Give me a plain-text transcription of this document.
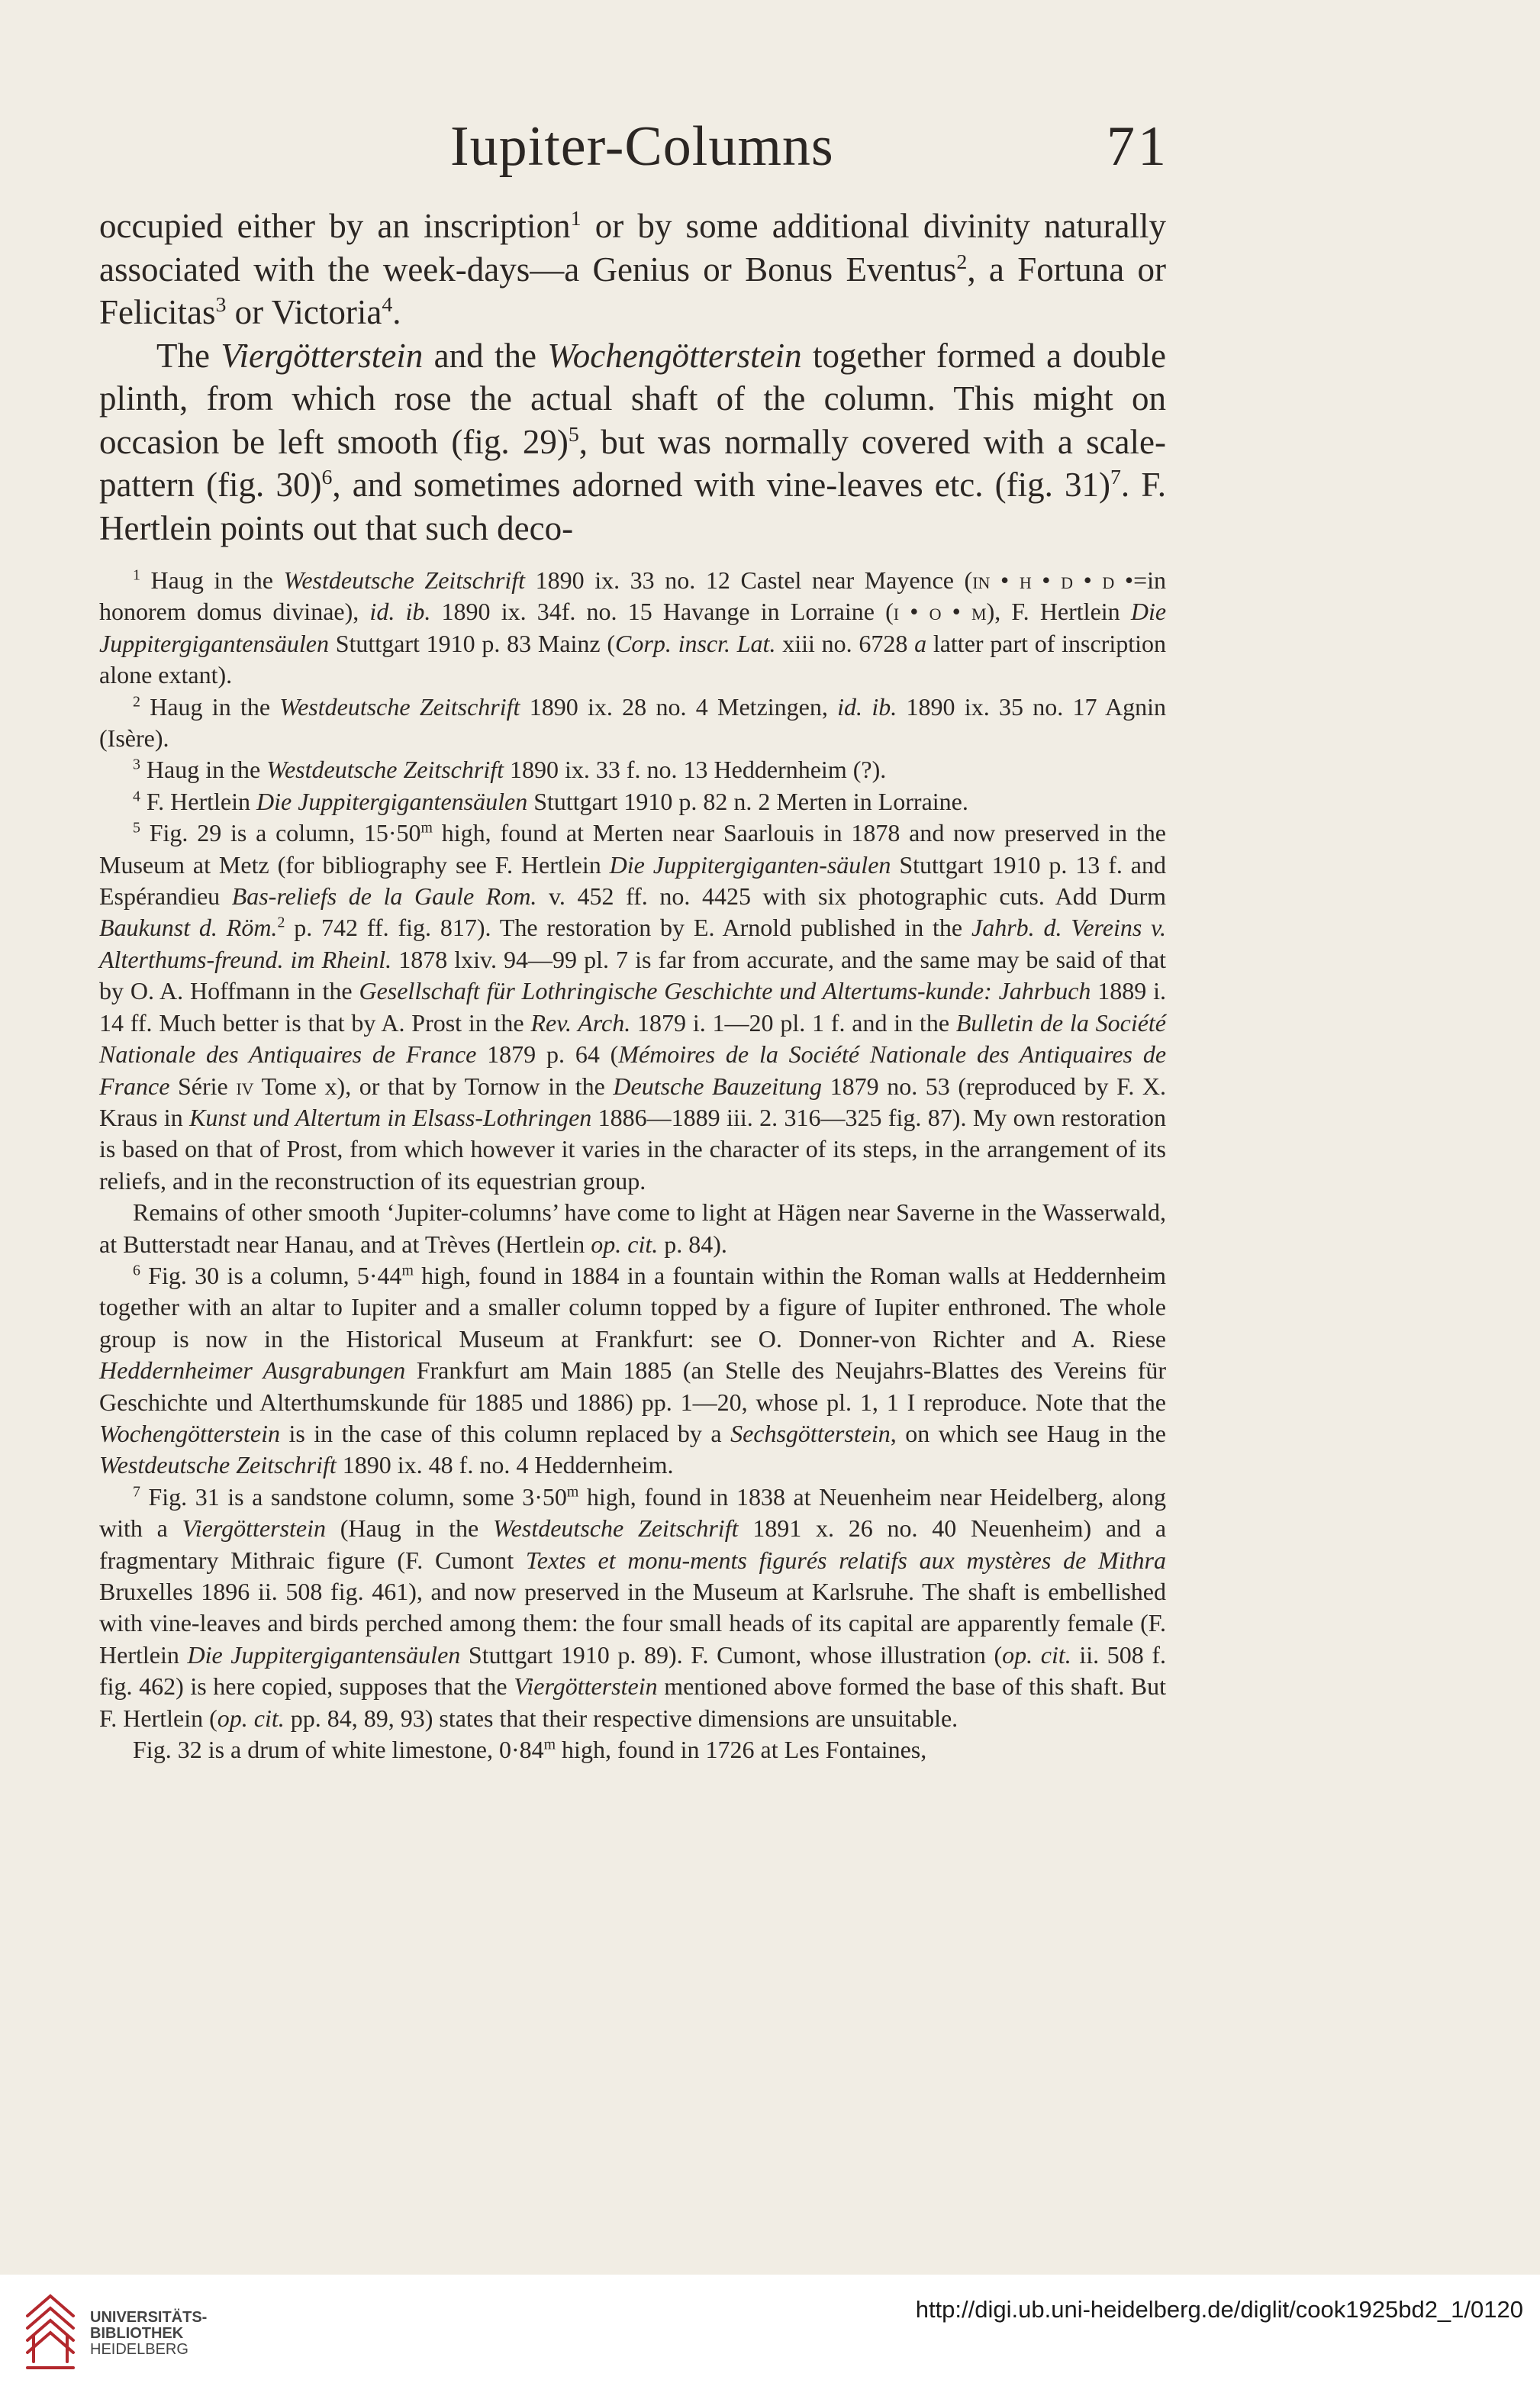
Iupiter-Columns	71

occupied either by an inscription$^1$ or by some additional divinity naturally associated with the week-days—a Genius or Bonus Eventus$^2$, a Fortuna or Felicitas$^3$ or Victoria$^4$.

The Viergötterstein and the Wochengötterstein together formed a double plinth, from which rose the actual shaft of the column. This might on occasion be left smooth (fig. 29)$^5$, but was normally covered with a scale-pattern (fig. 30)$^6$, and sometimes adorned with vine-leaves etc. (fig. 31)$^7$. F. Hertlein points out that such deco-

$^1$ Haug in the Westdeutsche Zeitschrift 1890 ix. 33 no. 12 Castel near Mayence (in • h • d • d •=in honorem domus divinae), id. ib. 1890 ix. 34f. no. 15 Havange in Lorraine (i • o • m), F. Hertlein Die Juppitergigantensäulen Stuttgart 1910 p. 83 Mainz (Corp. inscr. Lat. xiii no. 6728 a latter part of inscription alone extant).

$^2$ Haug in the Westdeutsche Zeitschrift 1890 ix. 28 no. 4 Metzingen, id. ib. 1890 ix. 35 no. 17 Agnin (Isère).

$^3$ Haug in the Westdeutsche Zeitschrift 1890 ix. 33 f. no. 13 Heddernheim (?).

$^4$ F. Hertlein Die Juppitergigantensäulen Stuttgart 1910 p. 82 n. 2 Merten in Lorraine.

$^5$ Fig. 29 is a column, $15\cdot 50^m$ high, found at Merten near Saarlouis in 1878 and now preserved in the Museum at Metz (for bibliography see F. Hertlein Die Juppitergiganten-säulen Stuttgart 1910 p. 13 f. and Espérandieu Bas-reliefs de la Gaule Rom. v. 452 ff. no. 4425 with six photographic cuts. Add Durm Baukunst d. Röm.$^2$ p. 742 ff. fig. 817). The restoration by E. Arnold published in the Jahrb. d. Vereins v. Alterthums-freund. im Rheinl. 1878 lxiv. 94—99 pl. 7 is far from accurate, and the same may be said of that by O. A. Hoffmann in the Gesellschaft für Lothringische Geschichte und Altertums-kunde: Jahrbuch 1889 i. 14 ff. Much better is that by A. Prost in the Rev. Arch. 1879 i. 1—20 pl. 1 f. and in the Bulletin de la Société Nationale des Antiquaires de France 1879 p. 64 (Mémoires de la Société Nationale des Antiquaires de France Série iv Tome x), or that by Tornow in the Deutsche Bauzeitung 1879 no. 53 (reproduced by F. X. Kraus in Kunst und Altertum in Elsass-Lothringen 1886—1889 iii. 2. 316—325 fig. 87). My own restoration is based on that of Prost, from which however it varies in the character of its steps, in the arrangement of its reliefs, and in the reconstruction of its equestrian group.

Remains of other smooth ‘Jupiter-columns’ have come to light at Hägen near Saverne in the Wasserwald, at Butterstadt near Hanau, and at Trèves (Hertlein op. cit. p. 84).

$^6$ Fig. 30 is a column, $5\cdot 44^m$ high, found in 1884 in a fountain within the Roman walls at Heddernheim together with an altar to Iupiter and a smaller column topped by a figure of Iupiter enthroned. The whole group is now in the Historical Museum at Frankfurt: see O. Donner-von Richter and A. Riese Heddernheimer Ausgrabungen Frankfurt am Main 1885 (an Stelle des Neujahrs-Blattes des Vereins für Geschichte und Alterthumskunde für 1885 und 1886) pp. 1—20, whose pl. 1, 1 I reproduce. Note that the Wochengötterstein is in the case of this column replaced by a Sechsgötterstein, on which see Haug in the Westdeutsche Zeitschrift 1890 ix. 48 f. no. 4 Heddernheim.

$^7$ Fig. 31 is a sandstone column, some $3\cdot 50^m$ high, found in 1838 at Neuenheim near Heidelberg, along with a Viergötterstein (Haug in the Westdeutsche Zeitschrift 1891 x. 26 no. 40 Neuenheim) and a fragmentary Mithraic figure (F. Cumont Textes et monu-ments figurés relatifs aux mystères de Mithra Bruxelles 1896 ii. 508 fig. 461), and now preserved in the Museum at Karlsruhe. The shaft is embellished with vine-leaves and birds perched among them: the four small heads of its capital are apparently female (F. Hertlein Die Juppitergigantensäulen Stuttgart 1910 p. 89). F. Cumont, whose illustration (op. cit. ii. 508 f. fig. 462) is here copied, supposes that the Viergötterstein mentioned above formed the base of this shaft. But F. Hertlein (op. cit. pp. 84, 89, 93) states that their respective dimensions are unsuitable.

Fig. 32 is a drum of white limestone, $0\cdot 84^m$ high, found in 1726 at Les Fontaines,

UNIVERSITÄTS-
BIBLIOTHEK
HEIDELBERG
http://digi.ub.uni-heidelberg.de/diglit/cook1925bd2_1/0120
